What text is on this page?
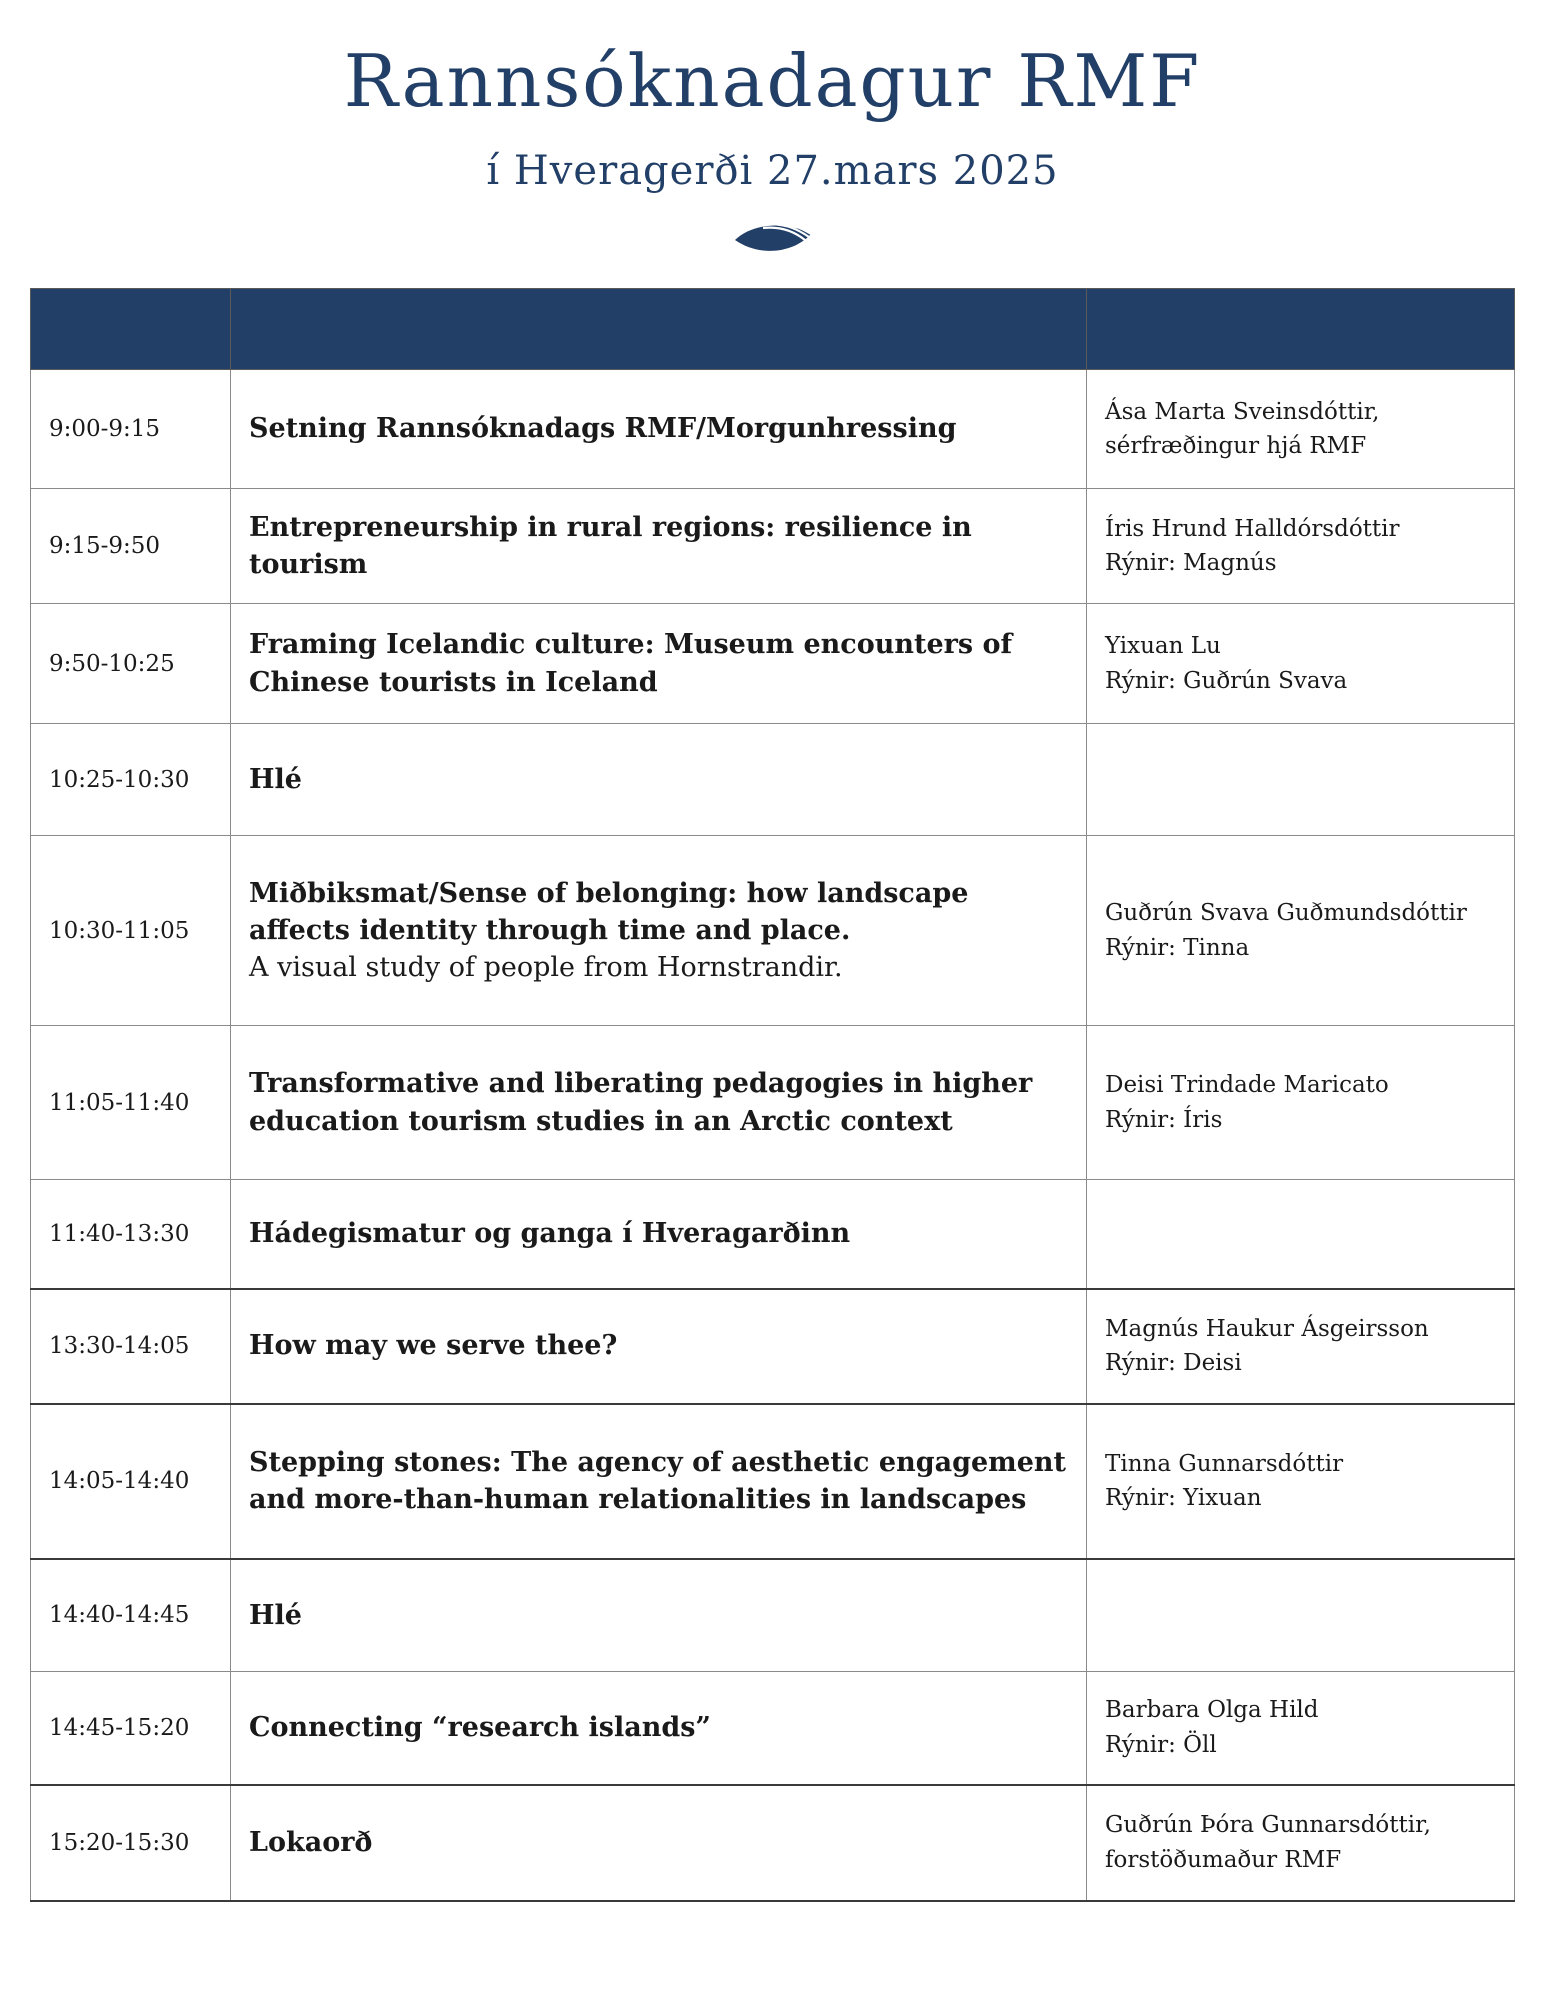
Rannsóknadagur RMF
í Hveragerði 27.mars 2025

9:00-9:15	Setning Rannsóknadags RMF/Morgunhressing	Ása Marta Sveinsdóttir,
sérfræðingur hjá RMF

9:15-9:50	Entrepreneurship in rural regions: resilience in tourism	Íris Hrund Halldórsdóttir
Rýnir: Magnús

9:50-10:25	Framing Icelandic culture: Museum encounters of Chinese tourists in Iceland	Yixuan Lu
Rýnir: Guðrún Svava

10:25-10:30	Hlé	
10:30-11:05	Miðbiksmat/Sense of belonging: how landscape affects identity through time and place.
A visual study of people from Hornstrandir.	Guðrún Svava Guðmundsdóttir
Rýnir: Tinna

11:05-11:40	Transformative and liberating pedagogies in higher education tourism studies in an Arctic context	Deisi Trindade Maricato
Rýnir: Íris

11:40-13:30	Hádegismatur og ganga í Hveragarðinn	
13:30-14:05	How may we serve thee?	Magnús Haukur Ásgeirsson
Rýnir: Deisi

14:05-14:40	Stepping stones: The agency of aesthetic engagement and more-than-human relationalities in landscapes	Tinna Gunnarsdóttir
Rýnir: Yixuan

14:40-14:45	Hlé	
14:45-15:20	Connecting “research islands”	Barbara Olga Hild
Rýnir: Öll

15:20-15:30	Lokaorð	Guðrún Þóra Gunnarsdóttir,
forstöðumaður RMF
